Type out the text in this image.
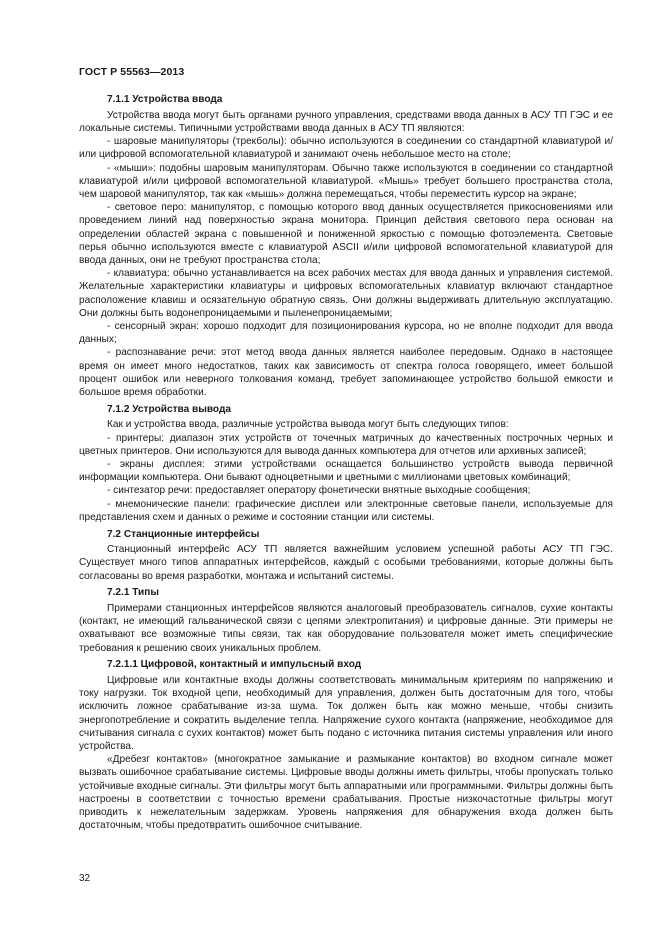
ГОСТ Р 55563—2013
7.1.1 Устройства ввода

Устройства ввода могут быть органами ручного управления, средствами ввода данных в АСУ ТП ГЭС и ее локальные системы. Типичными устройствами ввода данных в АСУ ТП являются:

- шаровые манипуляторы (трекболы): обычно используются в соединении со стандартной клавиатурой и/или цифровой вспомогательной клавиатурой и занимают очень небольшое место на столе;

- «мыши»: подобны шаровым манипуляторам. Обычно также используются в соединении со стандартной клавиатурой и/или цифровой вспомогательной клавиатурой. «Мышь» требует большего пространства стола, чем шаровой манипулятор, так как «мышь» должна перемещаться, чтобы переместить курсор на экране;

- световое перо: манипулятор, с помощью которого ввод данных осуществляется прикосновениями или проведением линий над поверхностью экрана монитора. Принцип действия светового пера основан на определении областей экрана с повышенной и пониженной яркостью с помощью фотоэлемента. Световые перья обычно используются вместе с клавиатурой ASCII и/или цифровой вспомогательной клавиатурой для ввода данных, они не требуют пространства стола;

- клавиатура: обычно устанавливается на всех рабочих местах для ввода данных и управления системой. Желательные характеристики клавиатуры и цифровых вспомогательных клавиатур включают стандартное расположение клавиш и осязательную обратную связь. Они должны выдерживать длительную эксплуатацию. Они должны быть водонепроницаемыми и пыленепроницаемыми;

- сенсорный экран: хорошо подходит для позиционирования курсора, но не вполне подходит для ввода данных;

- распознавание речи: этот метод ввода данных является наиболее передовым. Однако в настоящее время он имеет много недостатков, таких как зависимость от спектра голоса говорящего, имеет большой процент ошибок или неверного толкования команд, требует запоминающее устройство большой емкости и большое время обработки.

7.1.2 Устройства вывода

Как и устройства ввода, различные устройства вывода могут быть следующих типов:

- принтеры: диапазон этих устройств от точечных матричных до качественных построчных черных и цветных принтеров. Они используются для вывода данных компьютера для отчетов или архивных записей;

- экраны дисплея: этими устройствами оснащается большинство устройств вывода первичной информации компьютера. Они бывают одноцветными и цветными с миллионами цветовых комбинаций;

- синтезатор речи: предоставляет оператору фонетически внятные выходные сообщения;

- мнемонические панели: графические дисплеи или электронные световые панели, используемые для представления схем и данных о режиме и состоянии станции или системы.

7.2 Станционные интерфейсы

Станционный интерфейс АСУ ТП является важнейшим условием успешной работы АСУ ТП ГЭС. Существует много типов аппаратных интерфейсов, каждый с особыми требованиями, которые должны быть согласованы во время разработки, монтажа и испытаний системы.

7.2.1 Типы

Примерами станционных интерфейсов являются аналоговый преобразователь сигналов, сухие контакты (контакт, не имеющий гальванической связи с цепями электропитания) и цифровые данные. Эти примеры не охватывают все возможные типы связи, так как оборудование пользователя может иметь специфические требования к решению своих уникальных проблем.

7.2.1.1 Цифровой, контактный и импульсный вход

Цифровые или контактные входы должны соответствовать минимальным критериям по напряжению и току нагрузки. Ток входной цепи, необходимый для управления, должен быть достаточным для того, чтобы исключить ложное срабатывание из-за шума. Ток должен быть как можно меньше, чтобы снизить энергопотребление и сократить выделение тепла. Напряжение сухого контакта (напряжение, необходимое для считывания сигнала с сухих контактов) может быть подано с источника питания системы управления или иного устройства.

«Дребезг контактов» (многократное замыкание и размыкание контактов) во входном сигнале может вызвать ошибочное срабатывание системы. Цифровые вводы должны иметь фильтры, чтобы пропускать только устойчивые входные сигналы. Эти фильтры могут быть аппаратными или программными. Фильтры должны быть настроены в соответствии с точностью времени срабатывания. Простые низкочастотные фильтры могут приводить к нежелательным задержкам. Уровень напряжения для обнаружения входа должен быть достаточным, чтобы предотвратить ошибочное считывание.

32
